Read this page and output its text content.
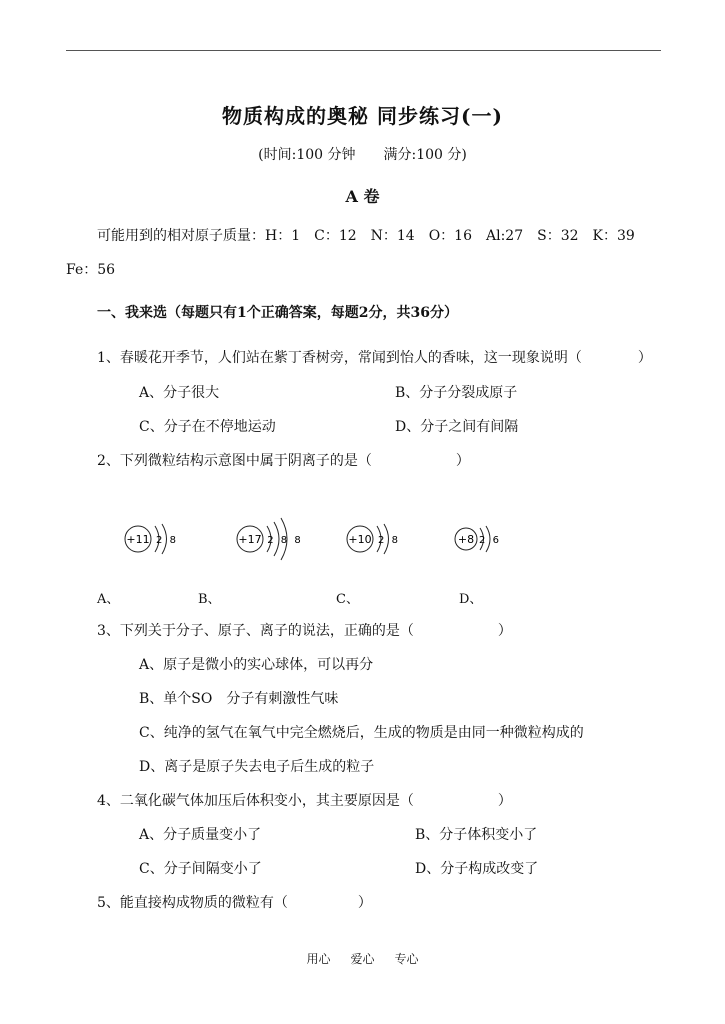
物质构成的奥秘 同步练习(一)
(时间:100 分钟 满分:100 分)
A 卷
可能用到的相对原子质量：H：1　C：12　N：14　O：16　Al:27　S：32　K：39
Fe：56
一、我来选（每题只有1个正确答案，每题2分，共36分）
1、春暖花开季节，人们站在紫丁香树旁，常闻到怡人的香味，这一现象说明（　　　　）
A、分子很大	B、分子分裂成原子
C、分子在不停地运动	D、分子之间有间隔
2、下列微粒结构示意图中属于阴离子的是（　　　　　　）
+11 2 8	+17 2 8 8	+10 2 8	+8 2 6
A、	B、	C、	D、
3、下列关于分子、原子、离子的说法，正确的是（　　　　　　）
A、原子是微小的实心球体，可以再分
B、单个SO　分子有刺激性气味
C、纯净的氢气在氧气中完全燃烧后，生成的物质是由同一种微粒构成的
D、离子是原子失去电子后生成的粒子
4、二氧化碳气体加压后体积变小，其主要原因是（　　　　　　）
A、分子质量变小了	B、分子体积变小了
C、分子间隔变小了	D、分子构成改变了
5、能直接构成物质的微粒有（　　　　　）
用心 爱心 专心
